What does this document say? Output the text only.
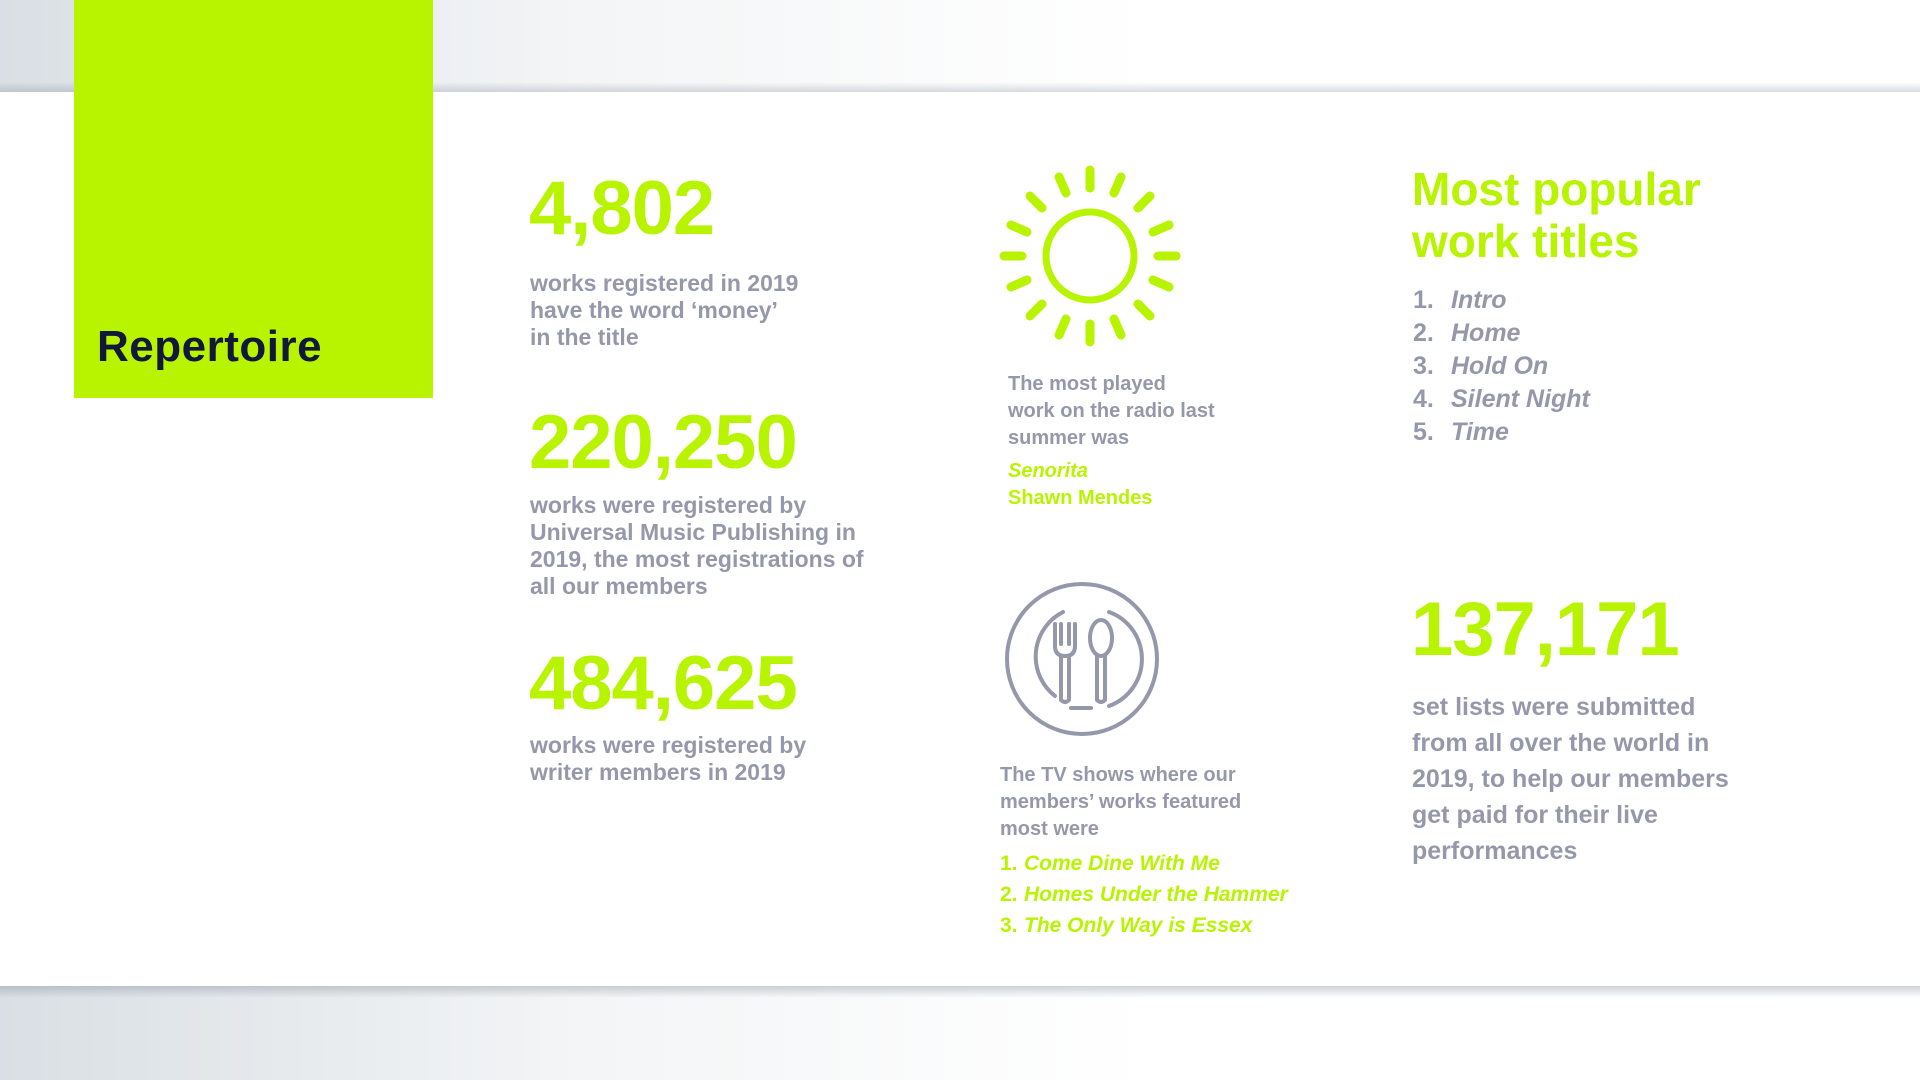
Repertoire
4,802

works registered in 2019
have the word ‘money’
in the title

220,250

works were registered by
Universal Music Publishing in
2019, the most registrations of
all our members

484,625

works were registered by
writer members in 2019

The most played
work on the radio last
summer was

Senorita
Shawn Mendes

The TV shows where our
members’ works featured
most were

1. Come Dine With Me
2. Homes Under the Hammer
3. The Only Way is Essex
Most popular
work titles
1. Intro
2. Home
3. Hold On
4. Silent Night
5. Time
137,171

set lists were submitted
from all over the world in
2019, to help our members
get paid for their live
performances
